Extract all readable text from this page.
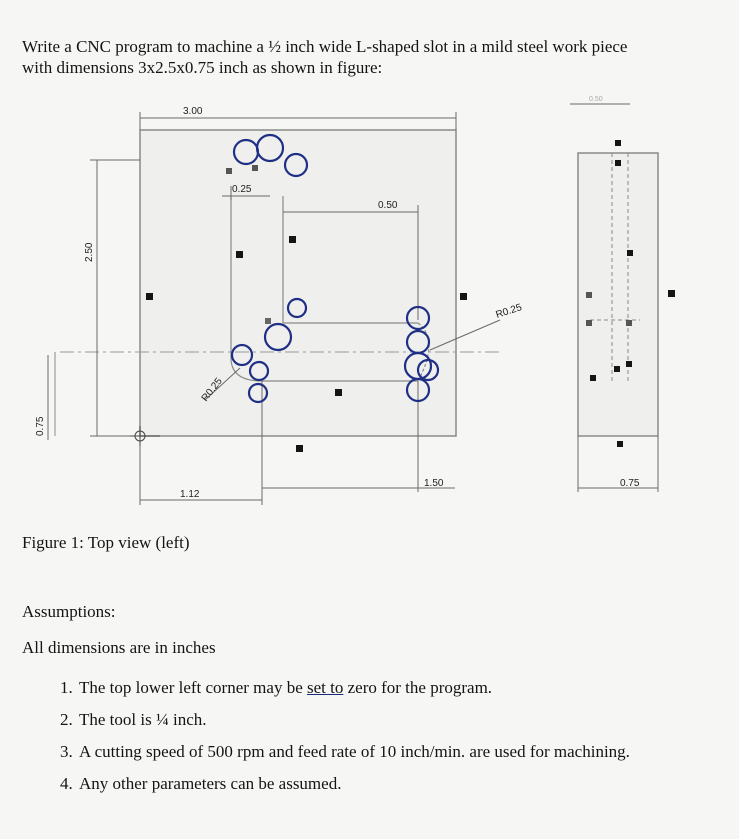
Write a CNC program to machine a ½ inch wide L-shaped slot in a mild steel work piece

with dimensions 3x2.5x0.75 inch as shown in figure:

3.00
2.50
0.25
0.50
R0.25
R0.25
0.75
1.12
1.50	0.75
0.50
Figure 1: Top view (left)
Assumptions:
All dimensions are in inches
1. The top lower left corner may be set to zero for the program.
2. The tool is ¼ inch.
3. A cutting speed of 500 rpm and feed rate of 10 inch/min. are used for machining.
4. Any other parameters can be assumed.
